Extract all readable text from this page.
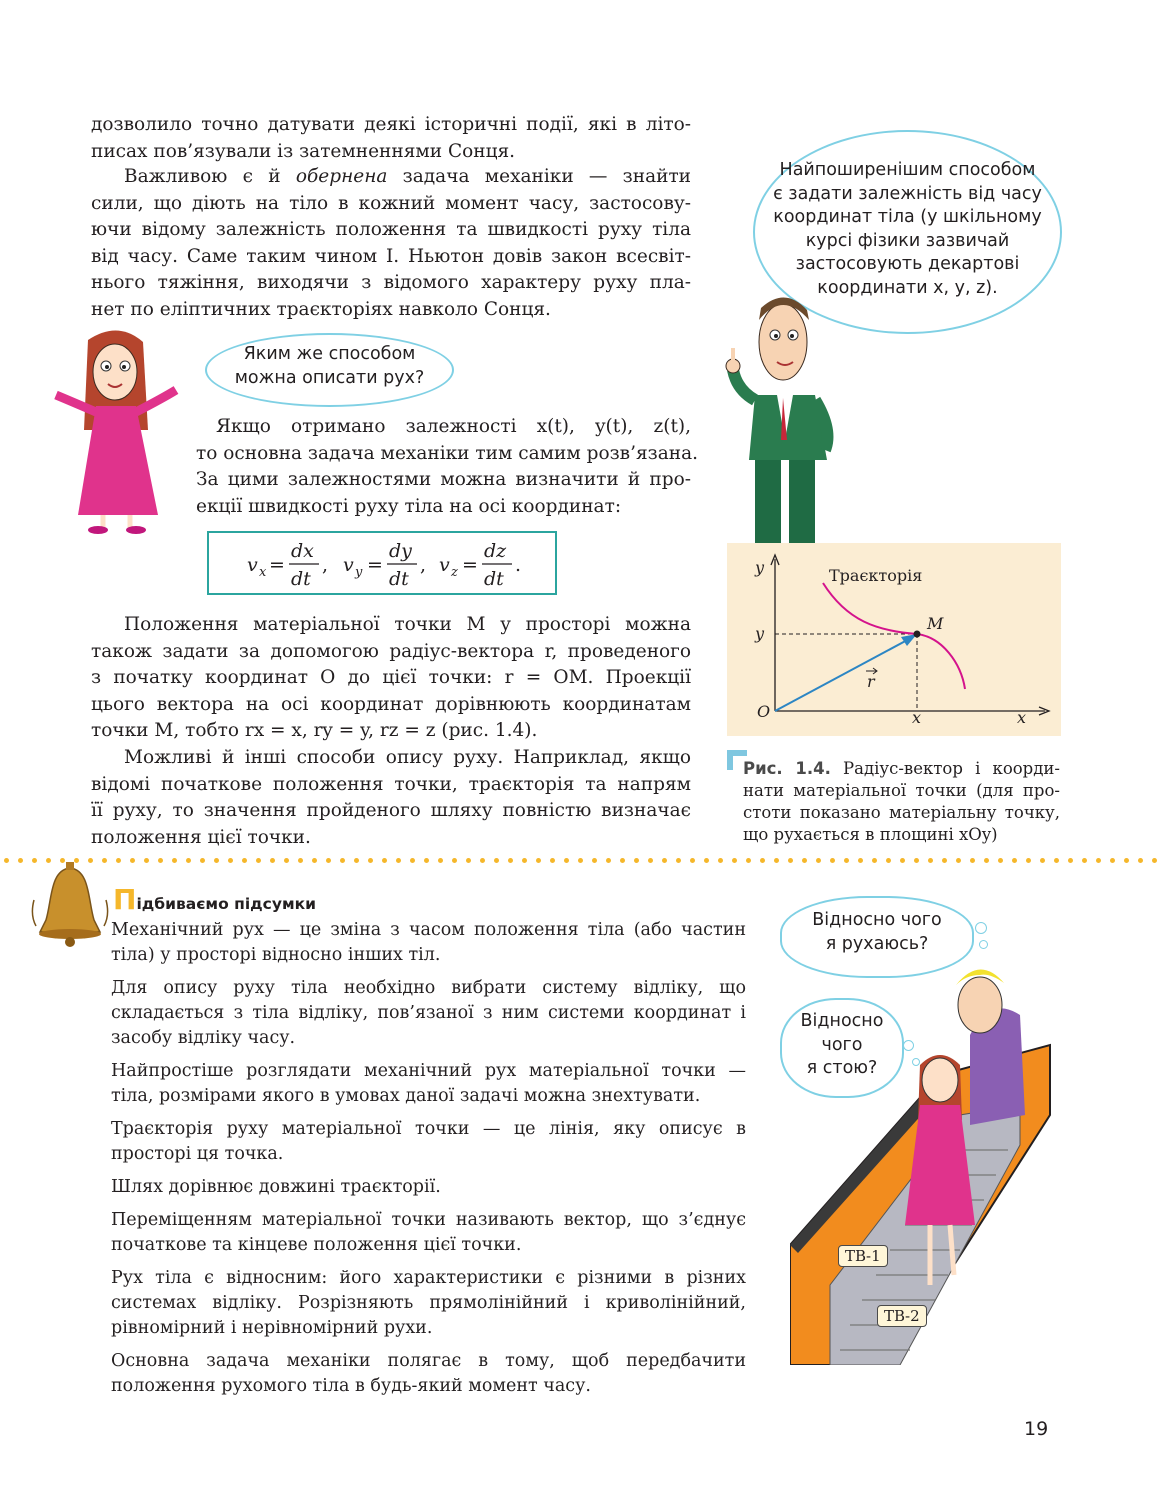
дозволило точно датувати деякі історичні події, які в літо-
писах пов’язували із затемненнями Сонця.

Важливою є й обернена задача механіки — знайти
сили, що діють на тіло в кожний момент часу, застосову-
ючи відому залежність положення та швидкості руху тіла
від часу. Саме таким чином І. Ньютон довів закон всесвіт-
нього тяжіння, виходячи з відомого характеру руху пла-
нет по еліптичних траєкторіях навколо Сонця.

Яким же способом
можна описати рух?
Найпоширенішим способом
є задати залежність від часу
координат тіла (у шкільному
курсі фізики зазвичай
застосовують декартові
координати x, y, z).

Якщо отримано залежності x(t), y(t), z(t),
то основна задача механіки тим самим розв’язана.
За цими залежностями можна визначити й про-
екції швидкості руху тіла на осі координат:

v x =
dx
dt
, v y =
dy
dt
, v z =
dz
dt
.

Положення матеріальної точки M у просторі можна
також задати за допомогою радіус-вектора r, проведеного
з початку координат O до цієї точки: r = OM. Проекції
цього вектора на осі координат дорівнюють координатам
точки M, тобто rx = x, ry = y, rz = z (рис. 1.4).

Можливі й інші способи опису руху. Наприклад, якщо
відомі початкове положення точки, траєкторія та напрям
її руху, то значення пройденого шляху повністю визначає
положення цієї точки.

y
x
O
Траєкторія
M
y
x
r
Рис. 1.4. Радіус-вектор і коорди-
нати матеріальної точки (для про-
стоти показано матеріальну точку,
що рухається в площині xOy)
Підбиваємо підсумки

Механічний рух — це зміна з часом положення тіла (або частин тіла) у просторі відносно інших тіл.

Для опису руху тіла необхідно вибрати систему відліку, що складається з тіла відліку, пов’язаної з ним системи координат і засобу відліку часу.

Найпростіше розглядати механічний рух матеріальної точки — тіла, розмірами якого в умовах даної задачі можна знехтувати.

Траєкторія руху матеріальної точки — це лінія, яку описує в просторі ця точка.

Шлях дорівнює довжині траєкторії.

Переміщенням матеріальної точки називають вектор, що з’єднує початкове та кінцеве положення цієї точки.

Рух тіла є відносним: його характеристики є різними в різних системах відліку. Розрізняють прямолінійний і криволінійний, рівномірний і нерівномірний рухи.

Основна задача механіки полягає в тому, щоб передбачити положення рухомого тіла в будь-який момент часу.

ТВ-1
ТВ-2
Відносно чого
я рухаюсь?
Відносно
чого
я стою?
19
